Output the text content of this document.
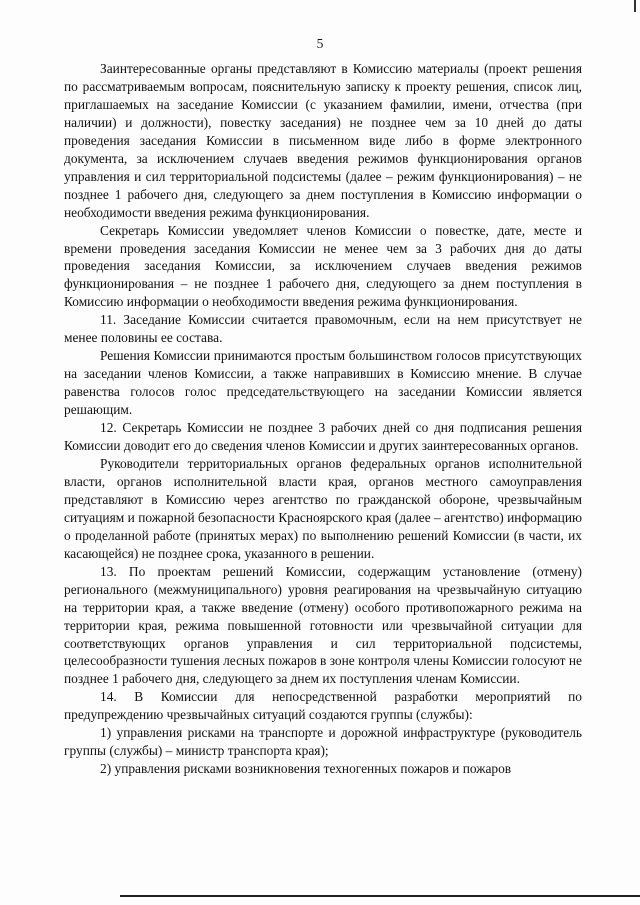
5

Заинтересованные органы представляют в Комиссию материалы (проект решения по рассматриваемым вопросам, пояснительную записку к проекту решения, список лиц, приглашаемых на заседание Комиссии (с указанием фамилии, имени, отчества (при наличии) и должности), повестку заседания) не позднее чем за 10 дней до даты проведения заседания Комиссии в письменном виде либо в форме электронного документа, за исключением случаев введения режимов функционирования органов управления и сил территориальной подсистемы (далее – режим функционирования) – не позднее 1 рабочего дня, следующего за днем поступления в Комиссию информации о необходимости введения режима функционирования.

Секретарь Комиссии уведомляет членов Комиссии о повестке, дате, месте и времени проведения заседания Комиссии не менее чем за 3 рабочих дня до даты проведения заседания Комиссии, за исключением случаев введения режимов функционирования – не позднее 1 рабочего дня, следующего за днем поступления в Комиссию информации о необходимости введения режима функционирования.

11. Заседание Комиссии считается правомочным, если на нем присутствует не менее половины ее состава.

Решения Комиссии принимаются простым большинством голосов присутствующих на заседании членов Комиссии, а также направивших в Комиссию мнение. В случае равенства голосов голос председательствующего на заседании Комиссии является решающим.

12. Секретарь Комиссии не позднее 3 рабочих дней со дня подписания решения Комиссии доводит его до сведения членов Комиссии и других заинтересованных органов.

Руководители территориальных органов федеральных органов исполнительной власти, органов исполнительной власти края, органов местного самоуправления представляют в Комиссию через агентство по гражданской обороне, чрезвычайным ситуациям и пожарной безопасности Красноярского края (далее – агентство) информацию о проделанной работе (принятых мерах) по выполнению решений Комиссии (в части, их касающейся) не позднее срока, указанного в решении.

13. По проектам решений Комиссии, содержащим установление (отмену) регионального (межмуниципального) уровня реагирования на чрезвычайную ситуацию на территории края, а также введение (отмену) особого противопожарного режима на территории края, режима повышенной готовности или чрезвычайной ситуации для соответствующих органов управления и сил территориальной подсистемы, целесообразности тушения лесных пожаров в зоне контроля члены Комиссии голосуют не позднее 1 рабочего дня, следующего за днем их поступления членам Комиссии.

14. В Комиссии для непосредственной разработки мероприятий по предупреждению чрезвычайных ситуаций создаются группы (службы):

1) управления рисками на транспорте и дорожной инфраструктуре (руководитель группы (службы) – министр транспорта края);

2) управления рисками возникновения техногенных пожаров и пожаров
